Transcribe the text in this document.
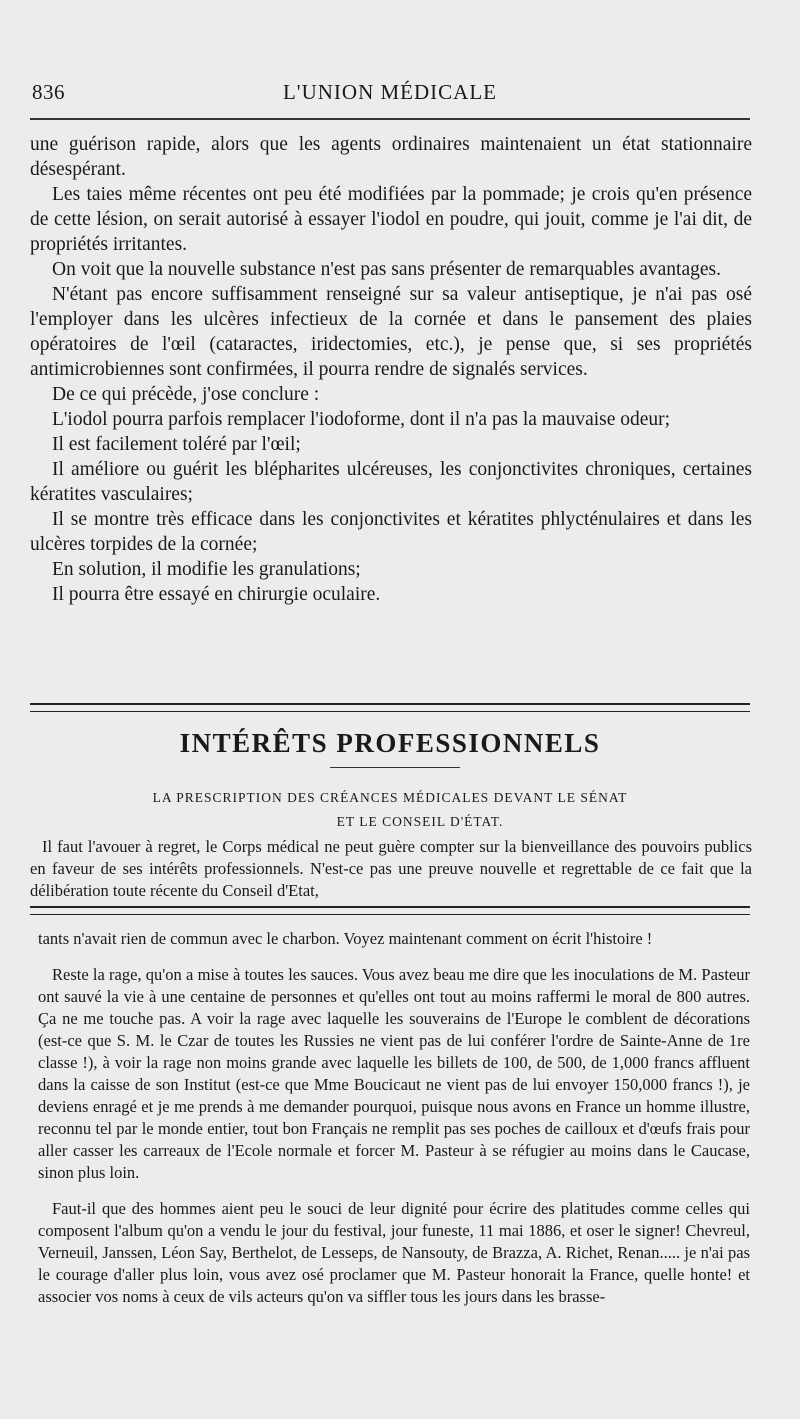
836	L'UNION MÉDICALE

une guérison rapide, alors que les agents ordinaires maintenaient un état stationnaire désespérant.

Les taies même récentes ont peu été modifiées par la pommade; je crois qu'en présence de cette lésion, on serait autorisé à essayer l'iodol en poudre, qui jouit, comme je l'ai dit, de propriétés irritantes.

On voit que la nouvelle substance n'est pas sans présenter de remarquables avantages.

N'étant pas encore suffisamment renseigné sur sa valeur antiseptique, je n'ai pas osé l'employer dans les ulcères infectieux de la cornée et dans le pansement des plaies opératoires de l'œil (cataractes, iridectomies, etc.), je pense que, si ses propriétés antimicrobiennes sont confirmées, il pourra rendre de signalés services.

De ce qui précède, j'ose conclure :

L'iodol pourra parfois remplacer l'iodoforme, dont il n'a pas la mauvaise odeur;

Il est facilement toléré par l'œil;

Il améliore ou guérit les blépharites ulcéreuses, les conjonctivites chroniques, certaines kératites vasculaires;

Il se montre très efficace dans les conjonctivites et kératites phlycténulaires et dans les ulcères torpides de la cornée;

En solution, il modifie les granulations;

Il pourra être essayé en chirurgie oculaire.

INTÉRÊTS PROFESSIONNELS
LA PRESCRIPTION DES CRÉANCES MÉDICALES DEVANT LE SÉNAT
ET LE CONSEIL D'ÉTAT.

Il faut l'avouer à regret, le Corps médical ne peut guère compter sur la bienveillance des pouvoirs publics en faveur de ses intérêts professionnels. N'est-ce pas une preuve nouvelle et regrettable de ce fait que la délibération toute récente du Conseil d'Etat,

tants n'avait rien de commun avec le charbon. Voyez maintenant comment on écrit l'histoire !

Reste la rage, qu'on a mise à toutes les sauces. Vous avez beau me dire que les inoculations de M. Pasteur ont sauvé la vie à une centaine de personnes et qu'elles ont tout au moins raffermi le moral de 800 autres. Ça ne me touche pas. A voir la rage avec laquelle les souverains de l'Europe le comblent de décorations (est-ce que S. M. le Czar de toutes les Russies ne vient pas de lui conférer l'ordre de Sainte-Anne de 1re classe !), à voir la rage non moins grande avec laquelle les billets de 100, de 500, de 1,000 francs affluent dans la caisse de son Institut (est-ce que Mme Boucicaut ne vient pas de lui envoyer 150,000 francs !), je deviens enragé et je me prends à me demander pourquoi, puisque nous avons en France un homme illustre, reconnu tel par le monde entier, tout bon Français ne remplit pas ses poches de cailloux et d'œufs frais pour aller casser les carreaux de l'Ecole normale et forcer M. Pasteur à se réfugier au moins dans le Caucase, sinon plus loin.

Faut-il que des hommes aient peu le souci de leur dignité pour écrire des platitudes comme celles qui composent l'album qu'on a vendu le jour du festival, jour funeste, 11 mai 1886, et oser le signer! Chevreul, Verneuil, Janssen, Léon Say, Berthelot, de Lesseps, de Nansouty, de Brazza, A. Richet, Renan..... je n'ai pas le courage d'aller plus loin, vous avez osé proclamer que M. Pasteur honorait la France, quelle honte! et associer vos noms à ceux de vils acteurs qu'on va siffler tous les jours dans les brasse-
